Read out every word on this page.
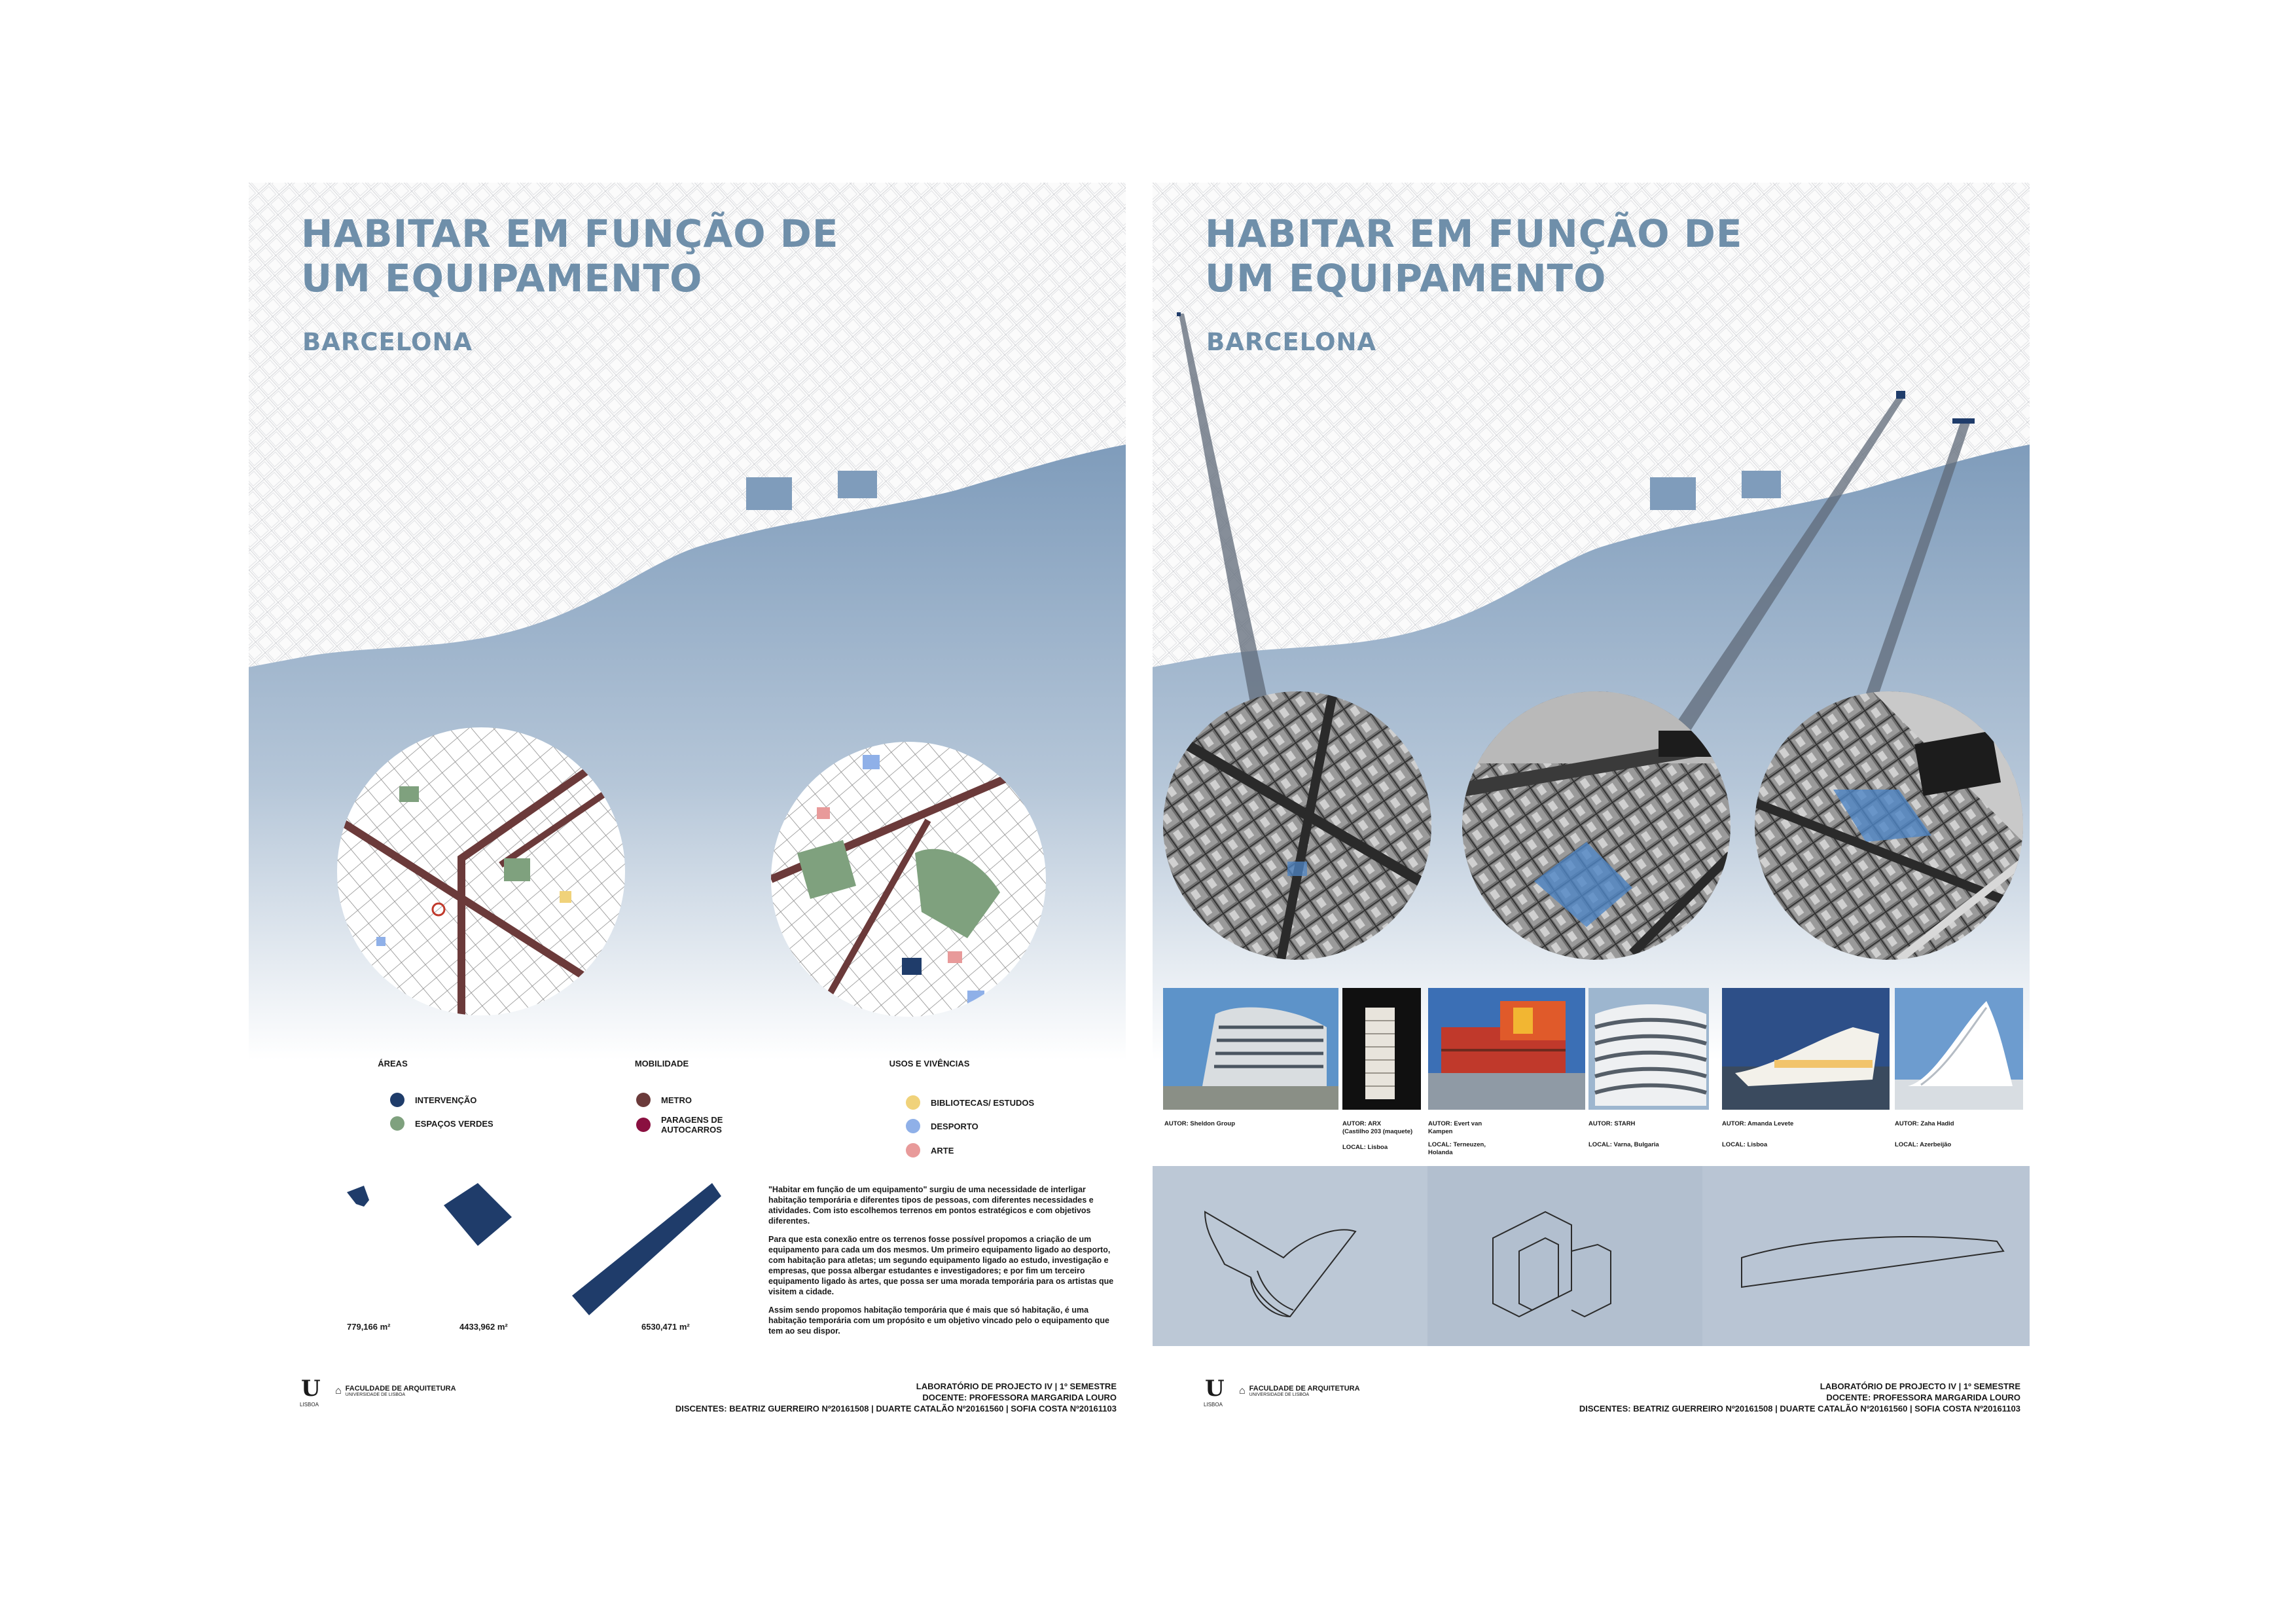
HABITAR EM FUNÇÃO DE
UM EQUIPAMENTO
BARCELONA
ÁREAS	MOBILIDADE	USOS E VIVÊNCIAS
INTERVENÇÃO
ESPAÇOS VERDES
METRO
PARAGENS DE
AUTOCARROS
BIBLIOTECAS/ ESTUDOS
DESPORTO
ARTE
779,166 m²	4433,962 m²	6530,471 m²

"Habitar em função de um equipamento" surgiu de uma necessidade de interligar habitação temporária e diferentes tipos de pessoas, com diferentes necessidades e atividades. Com isto escolhemos terrenos em pontos estratégicos e com objetivos diferentes.

Para que esta conexão entre os terrenos fosse possível propomos a criação de um equipamento para cada um dos mesmos. Um primeiro equipamento ligado ao desporto, com habitação para atletas; um segundo equipamento ligado ao estudo, investigação e empresas, que possa albergar estudantes e investigadores; e por fim um terceiro equipamento ligado às artes, que possa ser uma morada temporária para os artistas que visitem a cidade.

Assim sendo propomos habitação temporária que é mais que só habitação, é uma habitação temporária com um propósito e um objetivo vincado pelo o equipamento que tem ao seu dispor.

U
LISBOA
⌂ FACULDADE DE ARQUITETURA
UNIVERSIDADE DE LISBOA
LABORATÓRIO DE PROJECTO IV | 1º SEMESTRE
DOCENTE: PROFESSORA MARGARIDA LOURO
DISCENTES: BEATRIZ GUERREIRO Nº20161508 | DUARTE CATALÃO Nº20161560 | SOFIA COSTA Nº20161103
HABITAR EM FUNÇÃO DE
UM EQUIPAMENTO
BARCELONA
AUTOR: Sheldon Group	AUTOR: ARX
(Castilho 203 (maquete)
LOCAL: Lisboa
AUTOR: Evert van
Kampen
LOCAL: Terneuzen,
Holanda
AUTOR: STARH
LOCAL: Varna, Bulgaria
AUTOR: Amanda Levete
LOCAL: Lisboa
AUTOR: Zaha Hadid
LOCAL: Azerbeijão
U
LISBOA
⌂ FACULDADE DE ARQUITETURA
UNIVERSIDADE DE LISBOA
LABORATÓRIO DE PROJECTO IV | 1º SEMESTRE
DOCENTE: PROFESSORA MARGARIDA LOURO
DISCENTES: BEATRIZ GUERREIRO Nº20161508 | DUARTE CATALÃO Nº20161560 | SOFIA COSTA Nº20161103
